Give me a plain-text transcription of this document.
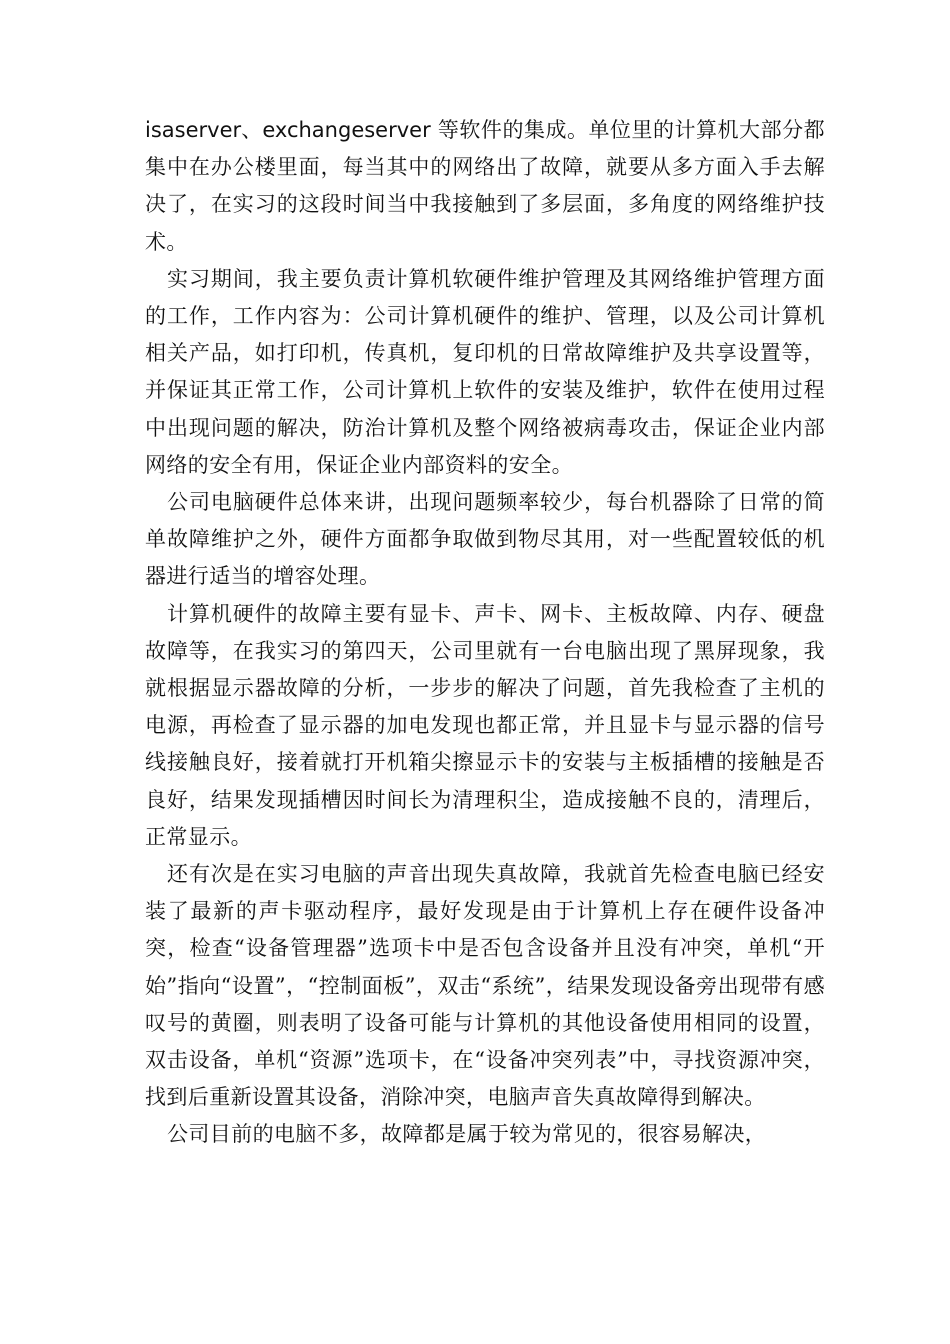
isaserver、exchangeserver 等软件的集成。单位里的计算机大部分都集中在办公楼里面，每当其中的网络出了故障，就要从多方面入手去解决了，在实习的这段时间当中我接触到了多层面，多角度的网络维护技术。

实习期间，我主要负责计算机软硬件维护管理及其网络维护管理方面的工作，工作内容为：公司计算机硬件的维护、管理，以及公司计算机相关产品，如打印机，传真机，复印机的日常故障维护及共享设置等，并保证其正常工作，公司计算机上软件的安装及维护，软件在使用过程中出现问题的解决，防治计算机及整个网络被病毒攻击，保证企业内部网络的安全有用，保证企业内部资料的安全。

公司电脑硬件总体来讲，出现问题频率较少，每台机器除了日常的简单故障维护之外，硬件方面都争取做到物尽其用，对一些配置较低的机器进行适当的增容处理。

计算机硬件的故障主要有显卡、声卡、网卡、主板故障、内存、硬盘故障等，在我实习的第四天，公司里就有一台电脑出现了黑屏现象，我就根据显示器故障的分析，一步步的解决了问题，首先我检查了主机的电源，再检查了显示器的加电发现也都正常，并且显卡与显示器的信号线接触良好，接着就打开机箱尖擦显示卡的安装与主板插槽的接触是否良好，结果发现插槽因时间长为清理积尘，造成接触不良的，清理后，正常显示。

还有次是在实习电脑的声音出现失真故障，我就首先检查电脑已经安装了最新的声卡驱动程序，最好发现是由于计算机上存在硬件设备冲突，检查“设备管理器”选项卡中是否包含设备并且没有冲突，单机“开始”指向“设置”，“控制面板”，双击“系统”，结果发现设备旁出现带有感叹号的黄圈，则表明了设备可能与计算机的其他设备使用相同的设置，双击设备，单机“资源”选项卡，在“设备冲突列表”中，寻找资源冲突，找到后重新设置其设备，消除冲突，电脑声音失真故障得到解决。

公司目前的电脑不多，故障都是属于较为常见的，很容易解决，
